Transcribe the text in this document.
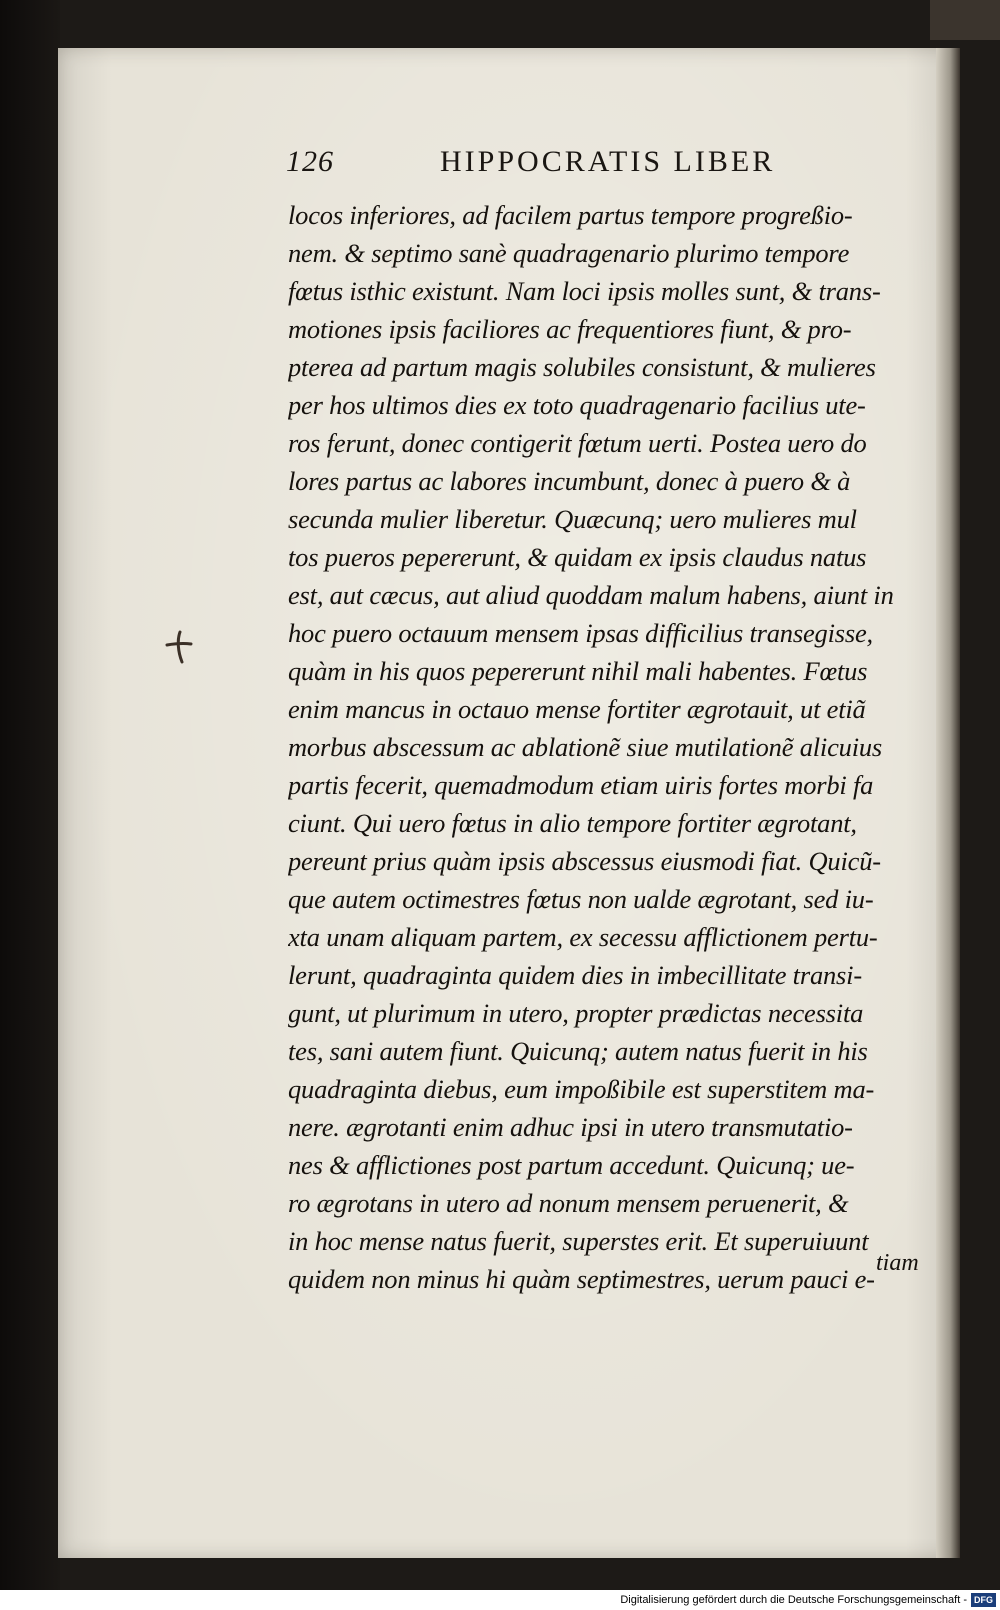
126	HIPPOCRATIS LIBER
locos inferiores, ad facilem partus tempore progreßio-
nem. & septimo sanè quadragenario plurimo tempore
fœtus isthic existunt. Nam loci ipsis molles sunt, & trans-
motiones ipsis faciliores ac frequentiores fiunt, & pro-
pterea ad partum magis solubiles consistunt, & mulieres
per hos ultimos dies ex toto quadragenario facilius ute-
ros ferunt, donec contigerit fœtum uerti. Postea uero do
lores partus ac labores incumbunt, donec à puero & à
secunda mulier liberetur. Quæcunq; uero mulieres mul
tos pueros pepererunt, & quidam ex ipsis claudus natus
est, aut cæcus, aut aliud quoddam malum habens, aiunt in
hoc puero octauum mensem ipsas difficilius transegisse,
quàm in his quos pepererunt nihil mali habentes. Fœtus
enim mancus in octauo mense fortiter ægrotauit, ut etiã
morbus abscessum ac ablationẽ siue mutilationẽ alicuius
partis fecerit, quemadmodum etiam uiris fortes morbi fa
ciunt. Qui uero fœtus in alio tempore fortiter ægrotant,
pereunt prius quàm ipsis abscessus eiusmodi fiat. Quicũ-
que autem octimestres fœtus non ualde ægrotant, sed iu-
xta unam aliquam partem, ex secessu afflictionem pertu-
lerunt, quadraginta quidem dies in imbecillitate transi-
gunt, ut plurimum in utero, propter prædictas necessita
tes, sani autem fiunt. Quicunq; autem natus fuerit in his
quadraginta diebus, eum impoßibile est superstitem ma-
nere. ægrotanti enim adhuc ipsi in utero transmutatio-
nes & afflictiones post partum accedunt. Quicunq; ue-
ro ægrotans in utero ad nonum mensem peruenerit, &
in hoc mense natus fuerit, superstes erit. Et superuiuunt
quidem non minus hi quàm septimestres, uerum pauci e-
tiam
Digitalisierung gefördert durch die Deutsche Forschungsgemeinschaft - DFG
